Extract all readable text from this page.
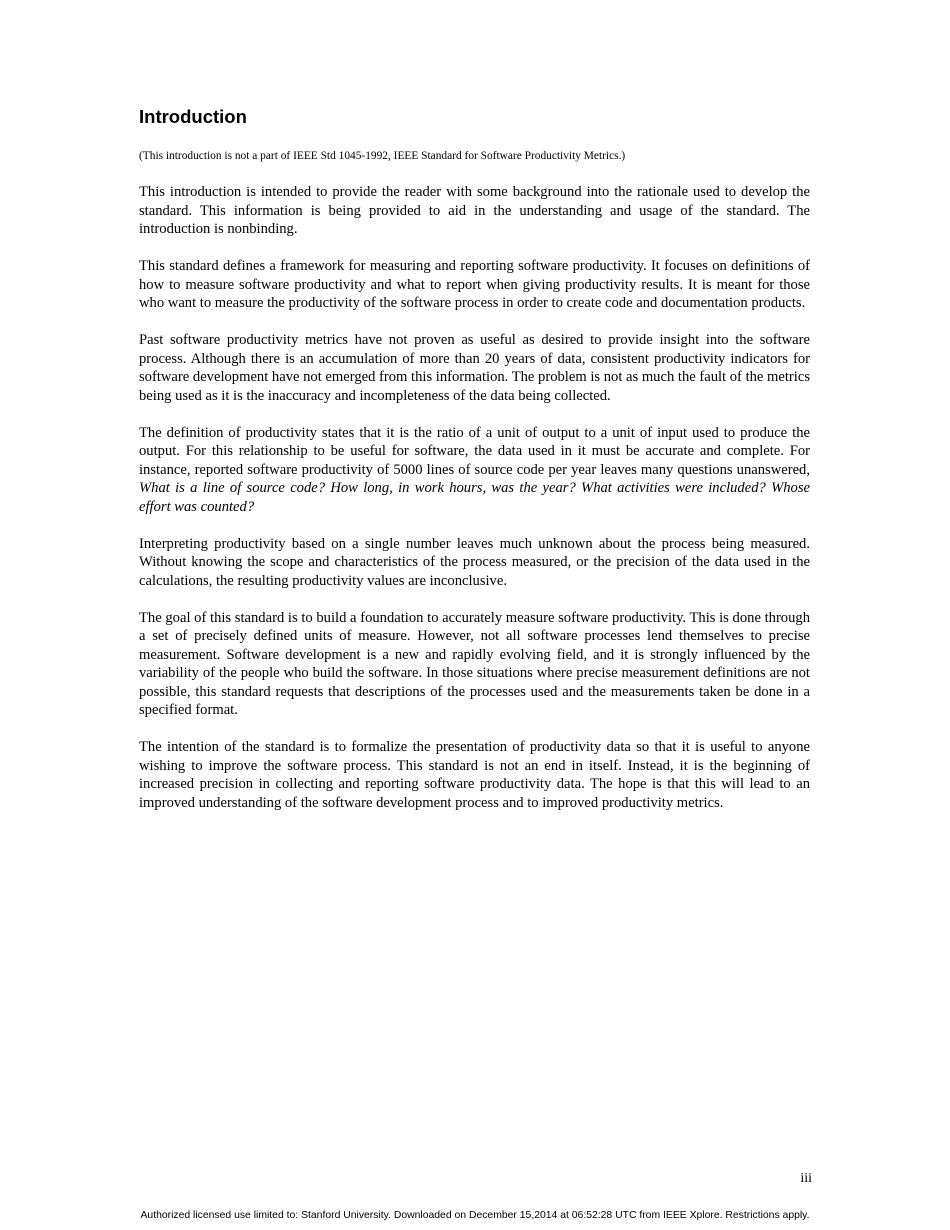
Introduction

(This introduction is not a part of IEEE Std 1045-1992, IEEE Standard for Software Productivity Metrics.)

This introduction is intended to provide the reader with some background into the rationale used to develop the standard. This information is being provided to aid in the understanding and usage of the standard. The introduction is nonbinding.

This standard defines a framework for measuring and reporting software productivity. It focuses on definitions of how to measure software productivity and what to report when giving productivity results. It is meant for those who want to measure the productivity of the software process in order to create code and documentation products.

Past software productivity metrics have not proven as useful as desired to provide insight into the software process. Although there is an accumulation of more than 20 years of data, consistent productivity indicators for software development have not emerged from this information. The problem is not as much the fault of the metrics being used as it is the inaccuracy and incompleteness of the data being collected.

The definition of productivity states that it is the ratio of a unit of output to a unit of input used to produce the output. For this relationship to be useful for software, the data used in it must be accurate and complete. For instance, reported software productivity of 5000 lines of source code per year leaves many questions unanswered, What is a line of source code? How long, in work hours, was the year? What activities were included? Whose effort was counted?

Interpreting productivity based on a single number leaves much unknown about the process being measured. Without knowing the scope and characteristics of the process measured, or the precision of the data used in the calculations, the resulting productivity values are inconclusive.

The goal of this standard is to build a foundation to accurately measure software productivity. This is done through a set of precisely defined units of measure. However, not all software processes lend themselves to precise measurement. Software development is a new and rapidly evolving field, and it is strongly influenced by the variability of the people who build the software. In those situations where precise measurement definitions are not possible, this standard requests that descriptions of the processes used and the measurements taken be done in a specified format.

The intention of the standard is to formalize the presentation of productivity data so that it is useful to anyone wishing to improve the software process. This standard is not an end in itself. Instead, it is the beginning of increased precision in collecting and reporting software productivity data. The hope is that this will lead to an improved understanding of the software development process and to improved productivity metrics.

iii
Authorized licensed use limited to: Stanford University. Downloaded on December 15,2014 at 06:52:28 UTC from IEEE Xplore. Restrictions apply.
